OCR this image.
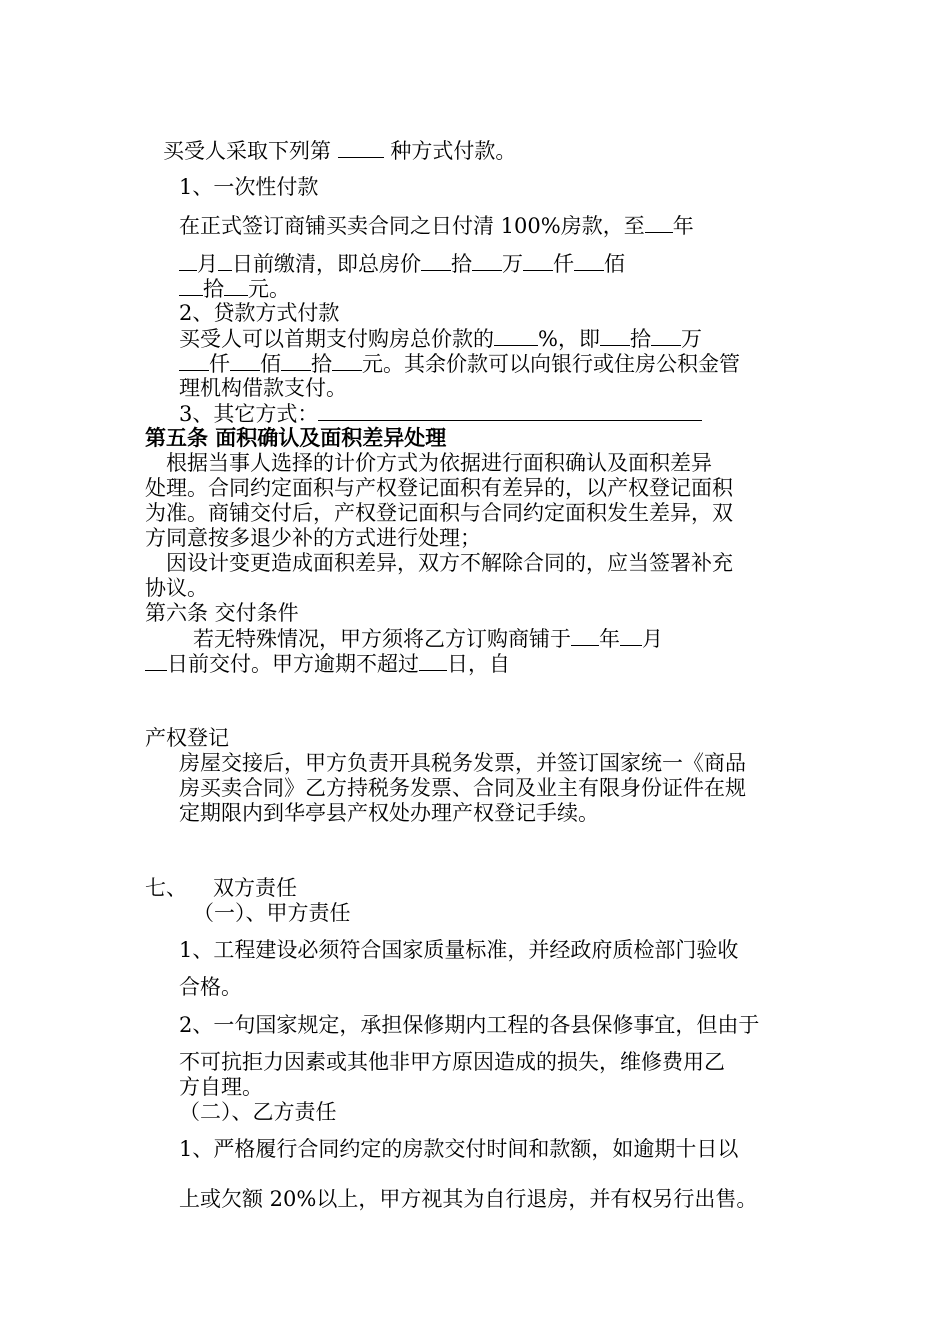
买受人采取下列第  种方式付款。
1、一次性付款
在正式签订商铺买卖合同之日付清 100%房款，至 年
月 日前缴清，即总房价 拾 万 仟 佰
拾 元。
2、贷款方式付款
买受人可以首期支付购房总价款的 %，即 拾 万
仟 佰 拾 元。其余价款可以向银行或住房公积金管
理机构借款支付。
3、其它方式：
第五条 面积确认及面积差异处理
根据当事人选择的计价方式为依据进行面积确认及面积差异
处理。合同约定面积与产权登记面积有差异的，以产权登记面积
为准。商铺交付后，产权登记面积与合同约定面积发生差异，双
方同意按多退少补的方式进行处理；
因设计变更造成面积差异，双方不解除合同的，应当签署补充
协议。
第六条 交付条件
若无特殊情况，甲方须将乙方订购商铺于 年 月
日前交付。甲方逾期不超过 日，自
产权登记
房屋交接后，甲方负责开具税务发票，并签订国家统一《商品
房买卖合同》乙方持税务发票、合同及业主有限身份证件在规
定期限内到华亭县产权处办理产权登记手续。
七、 双方责任
（一）、甲方责任
1、工程建设必须符合国家质量标准，并经政府质检部门验收
合格。
2、一句国家规定，承担保修期内工程的各县保修事宜，但由于
不可抗拒力因素或其他非甲方原因造成的损失，维修费用乙
方自理。
（二）、乙方责任
1、严格履行合同约定的房款交付时间和款额，如逾期十日以
上或欠额 20%以上，甲方视其为自行退房，并有权另行出售。
